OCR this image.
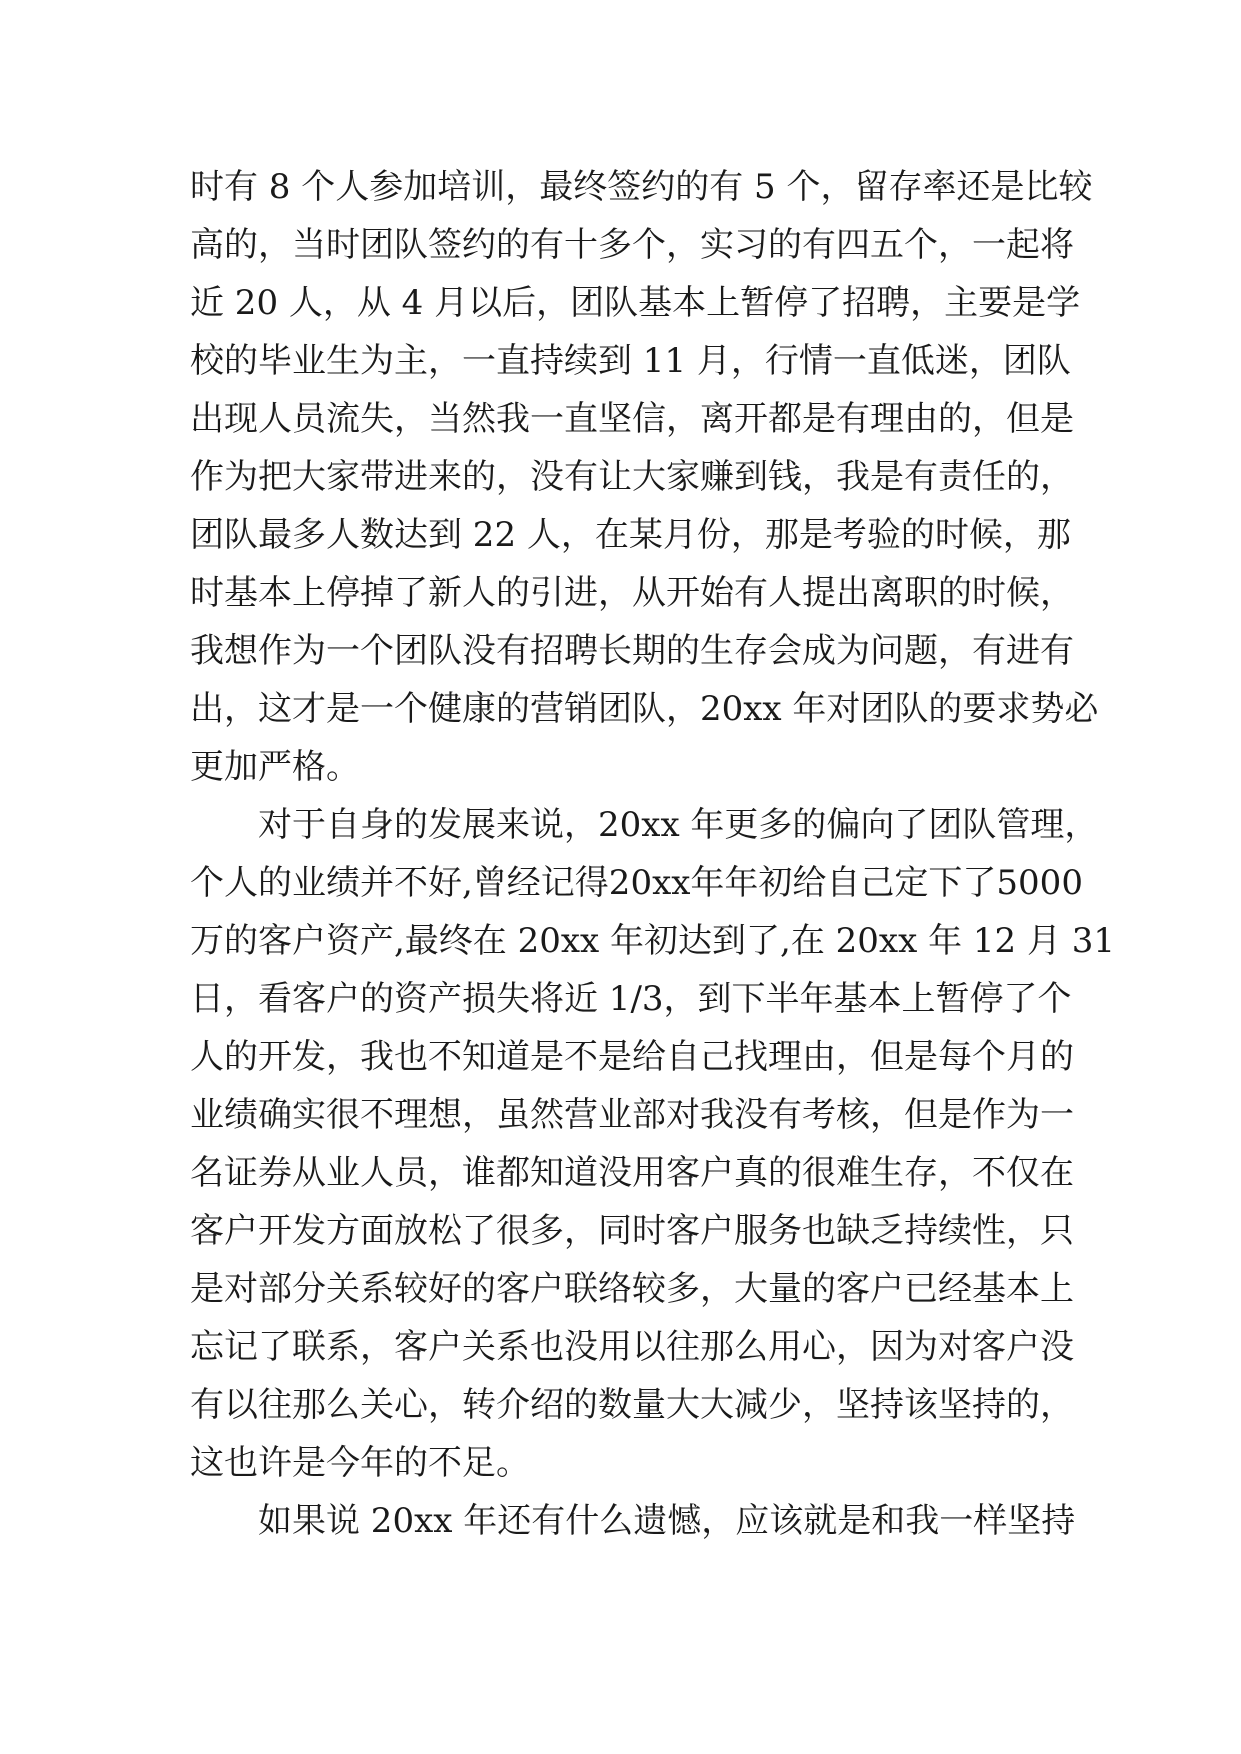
时有 8 个人参加培训，最终签约的有 5 个，留存率还是比较
高的，当时团队签约的有十多个，实习的有四五个，一起将
近 20 人，从 4 月以后，团队基本上暂停了招聘，主要是学
校的毕业生为主，一直持续到 11 月，行情一直低迷，团队
出现人员流失，当然我一直坚信，离开都是有理由的，但是
作为把大家带进来的，没有让大家赚到钱，我是有责任的，
团队最多人数达到 22 人，在某月份，那是考验的时候，那
时基本上停掉了新人的引进，从开始有人提出离职的时候，
我想作为一个团队没有招聘长期的生存会成为问题，有进有
出，这才是一个健康的营销团队，20xx 年对团队的要求势必
更加严格。
对于自身的发展来说，20xx 年更多的偏向了团队管理，
个人的业绩并不好,曾经记得20xx年年初给自己定下了5000
万的客户资产,最终在 20xx 年初达到了,在 20xx 年 12 月 31
日，看客户的资产损失将近 1/3，到下半年基本上暂停了个
人的开发，我也不知道是不是给自己找理由，但是每个月的
业绩确实很不理想，虽然营业部对我没有考核，但是作为一
名证券从业人员，谁都知道没用客户真的很难生存，不仅在
客户开发方面放松了很多，同时客户服务也缺乏持续性，只
是对部分关系较好的客户联络较多，大量的客户已经基本上
忘记了联系，客户关系也没用以往那么用心，因为对客户没
有以往那么关心，转介绍的数量大大减少，坚持该坚持的，
这也许是今年的不足。
如果说 20xx 年还有什么遗憾，应该就是和我一样坚持
